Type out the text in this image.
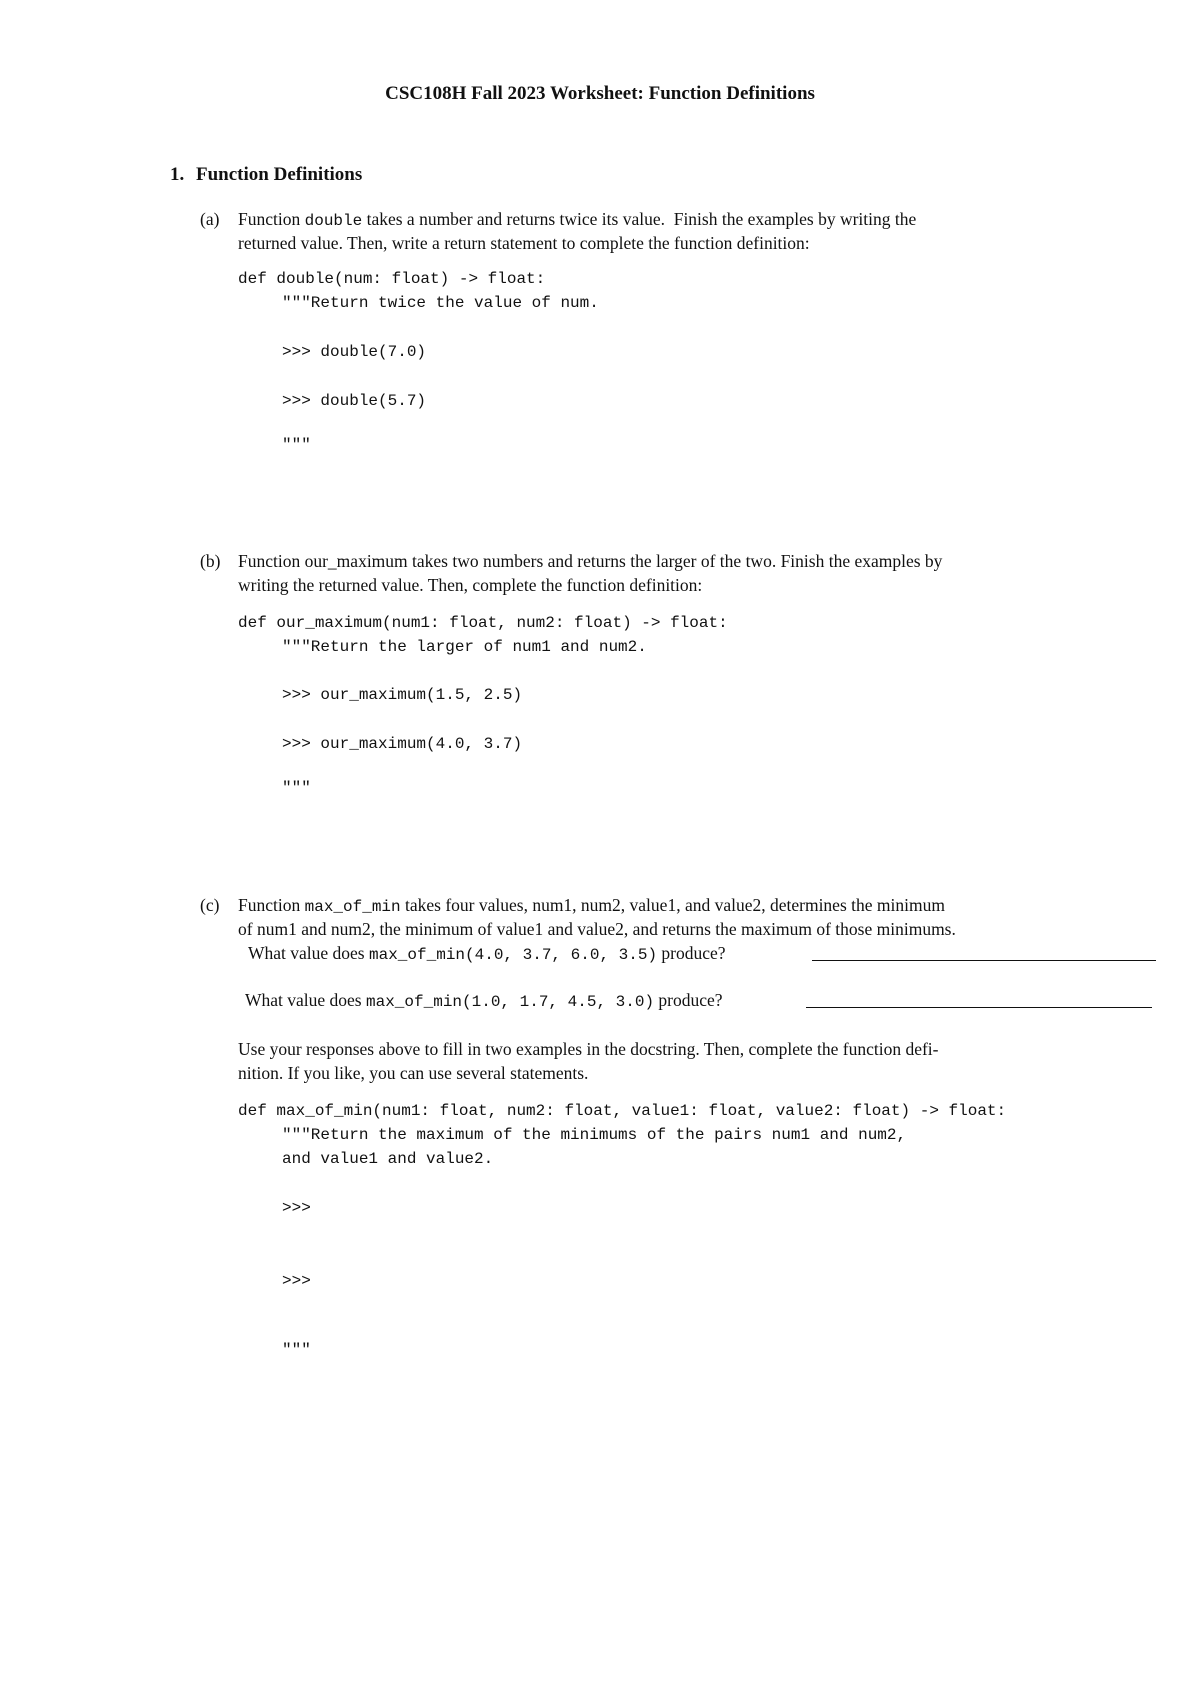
CSC108H Fall 2023 Worksheet: Function Definitions
1. Function Definitions
(a) Function double takes a number and returns twice its value.  Finish the examples by writing the
returned value. Then, write a return statement to complete the function definition:
def double(num: float) -> float:
"""Return twice the value of num.
>>> double(7.0)
>>> double(5.7)
"""
(b) Function our_maximum takes two numbers and returns the larger of the two. Finish the examples by
writing the returned value. Then, complete the function definition:
def our_maximum(num1: float, num2: float) -> float:
"""Return the larger of num1 and num2.
>>> our_maximum(1.5, 2.5)
>>> our_maximum(4.0, 3.7)
"""
(c) Function max_of_min takes four values, num1, num2, value1, and value2, determines the minimum
of num1 and num2, the minimum of value1 and value2, and returns the maximum of those minimums.
What value does max_of_min(4.0, 3.7, 6.0, 3.5) produce?
What value does max_of_min(1.0, 1.7, 4.5, 3.0) produce?
Use your responses above to fill in two examples in the docstring. Then, complete the function defi-
nition. If you like, you can use several statements.
def max_of_min(num1: float, num2: float, value1: float, value2: float) -> float:
"""Return the maximum of the minimums of the pairs num1 and num2,
and value1 and value2.
>>>
>>>
"""
